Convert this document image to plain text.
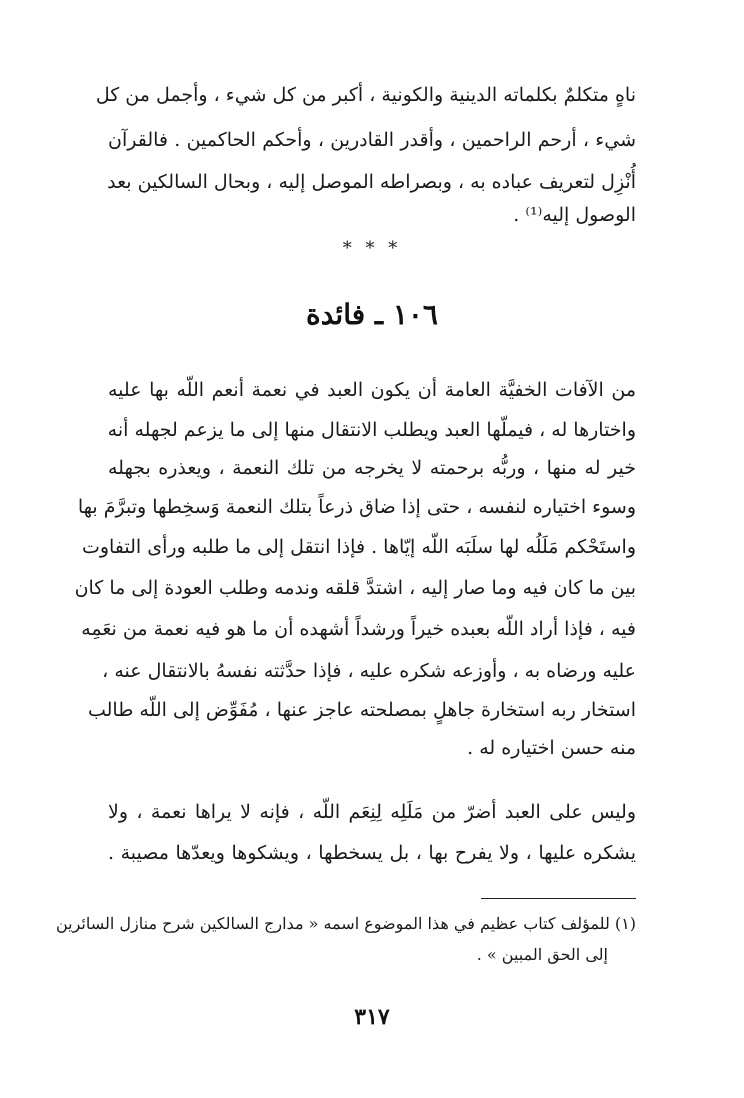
ناهٍ متكلمٌ بكلماته الدينية والكونية ، أكبر من كل شيء ، وأجمل من كل
شيء ، أرحم الراحمين ، وأقدر القادرين ، وأحكم الحاكمين . فالقرآن
أُنْزِل لتعريف عباده به ، وبصراطه الموصل إليه ، وبحال السالكين بعد
الوصول إليه⁽¹⁾ .
* * *
١٠٦ ـ فائدة
من الآفات الخفيَّة العامة أن يكون العبد في نعمة أنعم اللّه بها عليه
واختارها له ، فيملّها العبد ويطلب الانتقال منها إلى ما يزعم لجهله أنه
خير له منها ، وربُّه برحمته لا يخرجه من تلك النعمة ، ويعذره بجهله
وسوء اختياره لنفسه ، حتى إذا ضاق ذرعاً بتلك النعمة وَسخِطها وتبرَّمَ بها
واستَحْكم مَلَلُه لها سلَبَه اللّه إيّاها . فإذا انتقل إلى ما طلبه ورأى التفاوت
بين ما كان فيه وما صار إليه ، اشتدَّ قلقه وندمه وطلب العودة إلى ما كان
فيه ، فإذا أراد اللّه بعبده خيراً ورشداً أشهده أن ما هو فيه نعمة من نعَمِه
عليه ورضاه به ، وأوزعه شكره عليه ، فإذا حدَّثته نفسهُ بالانتقال عنه ،
استخار ربه استخارة جاهلٍ بمصلحته عاجز عنها ، مُفَوِّض إلى اللّه طالب
منه حسن اختياره له .
وليس على العبد أضرّ من مَلَلِه لِنِعَم اللّه ، فإنه لا يراها نعمة ، ولا
يشكره عليها ، ولا يفرح بها ، بل يسخطها ، ويشكوها ويعدّها مصيبة .
(١) للمؤلف كتاب عظيم في هذا الموضوع اسمه « مدارج السالكين شرح منازل السائرين
إلى الحق المبين » .
٣١٧
